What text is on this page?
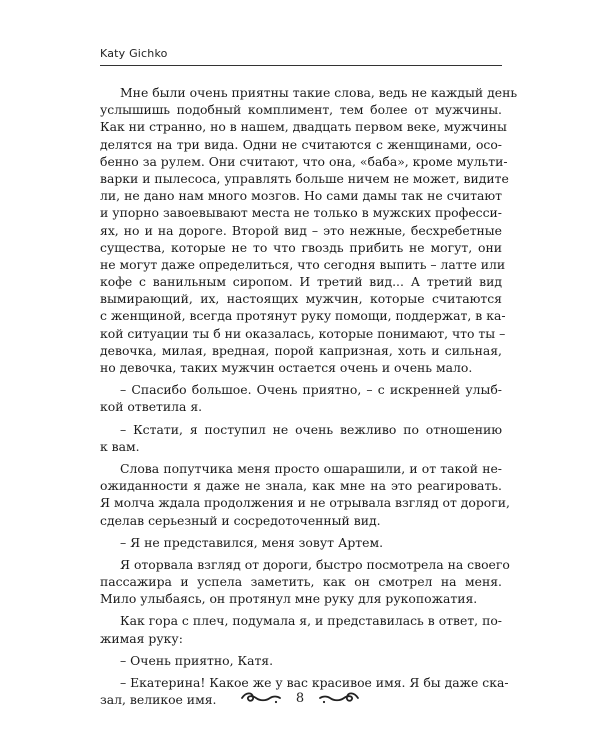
Katy Gichko
Мне были очень приятны такие слова, ведь не каждый день
услышишь подобный комплимент, тем более от мужчины.
Как ни странно, но в нашем, двадцать первом веке, мужчины
делятся на три вида. Одни не считаются с женщинами, осо-
бенно за рулем. Они считают, что она, «баба», кроме мульти-
варки и пылесоса, управлять больше ничем не может, видите
ли, не дано нам много мозгов. Но сами дамы так не считают
и упорно завоевывают места не только в мужских професси-
ях, но и на дороге. Второй вид – это нежные, бесхребетные
существа, которые не то что гвоздь прибить не могут, они
не могут даже определиться, что сегодня выпить – латте или
кофе с ванильным сиропом. И третий вид... А третий вид
вымирающий, их, настоящих мужчин, которые считаются
с женщиной, всегда протянут руку помощи, поддержат, в ка-
кой ситуации ты б ни оказалась, которые понимают, что ты –
девочка, милая, вредная, порой капризная, хоть и сильная,
но девочка, таких мужчин остается очень и очень мало.
– Спасибо большое. Очень приятно, – с искренней улыб-
кой ответила я.
– Кстати, я поступил не очень вежливо по отношению
к вам.
Слова попутчика меня просто ошарашили, и от такой не-
ожиданности я даже не знала, как мне на это реагировать.
Я молча ждала продолжения и не отрывала взгляд от дороги,
сделав серьезный и сосредоточенный вид.
– Я не представился, меня зовут Артем.
Я оторвала взгляд от дороги, быстро посмотрела на своего
пассажира и успела заметить, как он смотрел на меня.
Мило улыбаясь, он протянул мне руку для рукопожатия.
Как гора с плеч, подумала я, и представилась в ответ, по-
жимая руку:
– Очень приятно, Катя.
– Екатерина! Какое же у вас красивое имя. Я бы даже ска-
зал, великое имя.	8
